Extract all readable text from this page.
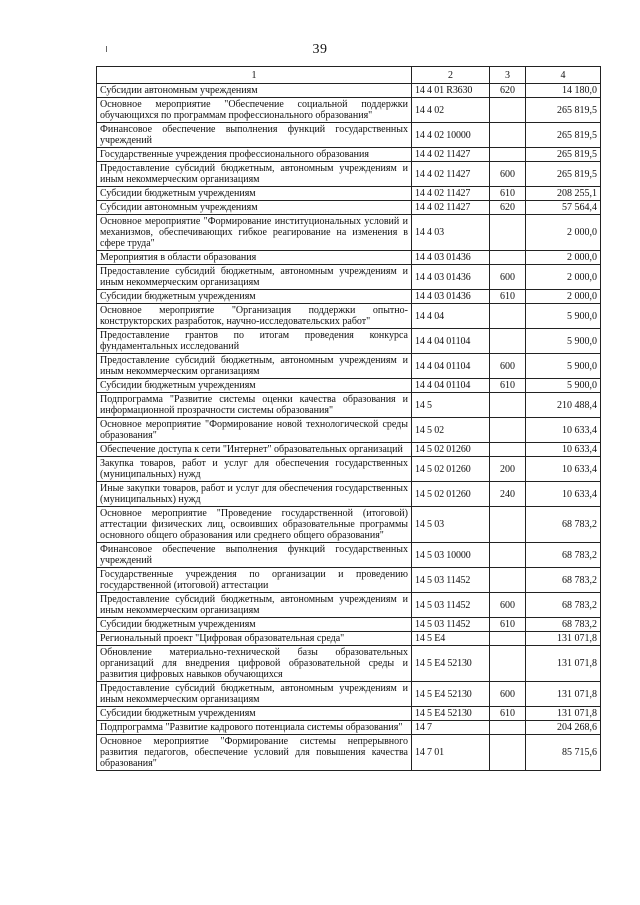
39
1	2	3	4
Субсидии автономным учреждениям	14 4 01 R3630	620	14 180,0
Основное мероприятие "Обеспечение социальной поддержки обучающихся по программам профессионального образования"	14 4 02		265 819,5
Финансовое обеспечение выполнения функций государственных учреждений	14 4 02 10000		265 819,5
Государственные учреждения профессионального образования	14 4 02 11427		265 819,5
Предоставление субсидий бюджетным, автономным учреждениям и иным некоммерческим организациям	14 4 02 11427	600	265 819,5
Субсидии бюджетным учреждениям	14 4 02 11427	610	208 255,1
Субсидии автономным учреждениям	14 4 02 11427	620	57 564,4
Основное мероприятие "Формирование институциональных условий и механизмов, обеспечивающих гибкое реагирование на изменения в сфере труда"	14 4 03		2 000,0
Мероприятия в области образования	14 4 03 01436		2 000,0
Предоставление субсидий бюджетным, автономным учреждениям и иным некоммерческим организациям	14 4 03 01436	600	2 000,0
Субсидии бюджетным учреждениям	14 4 03 01436	610	2 000,0
Основное мероприятие "Организация поддержки опытно-конструкторских разработок, научно-исследовательских работ"	14 4 04		5 900,0
Предоставление грантов по итогам проведения конкурса фундаментальных исследований	14 4 04 01104		5 900,0
Предоставление субсидий бюджетным, автономным учреждениям и иным некоммерческим организациям	14 4 04 01104	600	5 900,0
Субсидии бюджетным учреждениям	14 4 04 01104	610	5 900,0
Подпрограмма "Развитие системы оценки качества образования и информационной прозрачности системы образования"	14 5		210 488,4
Основное мероприятие "Формирование новой технологической среды образования"	14 5 02		10 633,4
Обеспечение доступа к сети "Интернет" образовательных организаций	14 5 02 01260		10 633,4
Закупка товаров, работ и услуг для обеспечения государственных (муниципальных) нужд	14 5 02 01260	200	10 633,4
Иные закупки товаров, работ и услуг для обеспечения государственных (муниципальных) нужд	14 5 02 01260	240	10 633,4
Основное мероприятие "Проведение государственной (итоговой) аттестации физических лиц, освоивших образовательные программы основного общего образования или среднего общего образования"	14 5 03		68 783,2
Финансовое обеспечение выполнения функций государственных учреждений	14 5 03 10000		68 783,2
Государственные учреждения по организации и проведению государственной (итоговой) аттестации	14 5 03 11452		68 783,2
Предоставление субсидий бюджетным, автономным учреждениям и иным некоммерческим организациям	14 5 03 11452	600	68 783,2
Субсидии бюджетным учреждениям	14 5 03 11452	610	68 783,2
Региональный проект "Цифровая образовательная среда"	14 5 E4		131 071,8
Обновление материально-технической базы образовательных организаций для внедрения цифровой образовательной среды и развития цифровых навыков обучающихся	14 5 E4 52130		131 071,8
Предоставление субсидий бюджетным, автономным учреждениям и иным некоммерческим организациям	14 5 E4 52130	600	131 071,8
Субсидии бюджетным учреждениям	14 5 E4 52130	610	131 071,8
Подпрограмма "Развитие кадрового потенциала системы образования"	14 7		204 268,6
Основное мероприятие "Формирование системы непрерывного развития педагогов, обеспечение условий для повышения качества образования"	14 7 01		85 715,6
